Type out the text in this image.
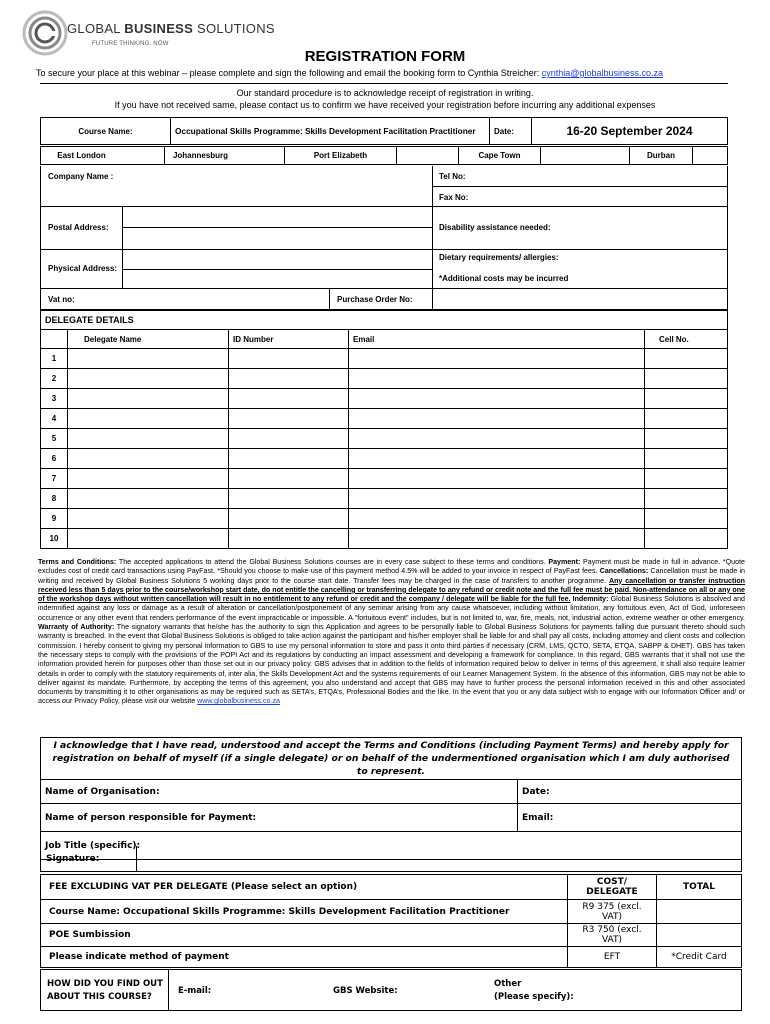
GLOBAL BUSINESS SOLUTIONS
FUTURE THINKING. NOW
REGISTRATION FORM
To secure your place at this webinar – please complete and sign the following and email the booking form to Cynthia Streicher: cynthia@globalbusiness.co.za
Our standard procedure is to acknowledge receipt of registration in writing.
If you have not received same, please contact us to confirm we have received your registration before incurring any additional expenses
Course Name:	Occupational Skills Programme: Skills Development Facilitation Practitioner	Date:	16-20 September 2024
East London		Johannesburg		Port Elizabeth		Cape Town		Durban	
Company Name :	Tel No:
Fax No:
Postal Address:	Disability assistance needed:
Physical Address:
Dietary requirements/ allergies:
*Additional costs may be incurred
Vat no:	Purchase Order No:
DELEGATE DETAILS				
	Delegate Name	ID Number	Email	Cell No.
1				
2				
3				
4				
5				
6				
7				
8				
9				
10				
Terms and Conditions: The accepted applications to attend the Global Business Solutions courses are in every case subject to these terms and conditions. Payment: Payment must be made in full in advance. *Quote excludes cost of credit card transactions using PayFast. *Should you choose to make use of this payment method 4.5% will be added to your invoice in respect of PayFast fees. Cancellations: Cancellation must be made in writing and received by Global Business Solutions 5 working days prior to the course start date. Transfer fees may be charged in the case of transfers to another programme. Any cancellation or transfer instruction received less than 5 days prior to the course/workshop start date, do not entitle the cancelling or transferring delegate to any refund or credit note and the full fee must be paid. Non-attendance on all or any one of the workshop days without written cancellation will result in no entitlement to any refund or credit and the company / delegate will be liable for the full fee. Indemnity: Global Business Solutions is absolved and indemnified against any loss or damage as a result of alteration or cancellation/postponement of any seminar arising from any cause whatsoever, including without limitation, any fortuitous even, Act of God, unforeseen occurrence or any other event that renders performance of the event impracticable or impossible. A "fortuitous event" includes, but is not limited to, war, fire, meals, riot, industrial action, extreme weather or other emergency. Warranty of Authority: The signatory warrants that he/she has the authority to sign this Application and agrees to be personally liable to Global Business Solutions for payments falling due pursuant thereto should such warranty is breached. In the event that Global Business Solutions is obliged to take action against the participant and his/her employer shall be liable for and shall pay all costs, including attorney and client costs and collection commission. I hereby consent to giving my personal information to GBS to use my personal information to store and pass it onto third parties if necessary (CRM, LMS, QCTO, SETA, ETQA, SABPP & DHET). GBS has taken the necessary steps to comply with the provisions of the POPI Act and its regulations by conducting an impact assessment and developing a framework for compliance. In this regard, GBS warrants that it shall not use the information provided herein for purposes other than those set out in our privacy policy. GBS advises that in addition to the fields of information required below to deliver in terms of this agreement, it shall also require learner details in order to comply with the statutory requirements of, inter alia, the Skills Development Act and the systems requirements of our Learner Management System. In the absence of this information, GBS may not be able to deliver against its mandate. Furthermore, by accepting the terms of this agreement, you also understand and accept that GBS may have to further process the personal information received in this and other associated documents by transmitting it to other organisations as may be required such as SETA’s, ETQA’s, Professional Bodies and the like. In the event that you or any data subject wish to engage with our Information Officer and/ or access our Privacy Policy, please visit our website www.globalbusiness.co.za
I acknowledge that I have read, understood and accept the Terms and Conditions (including Payment Terms) and hereby apply for registration on behalf of myself (if a single delegate) or on behalf of the undermentioned organisation which I am duly authorised to represent.	
Name of Organisation:	Date:
Name of person responsible for Payment:	Email:
Job Title (specific):	
Signature:
FEE EXCLUDING VAT PER DELEGATE (Please select an option)	COST/ DELEGATE	TOTAL
Course Name: Occupational Skills Programme: Skills Development Facilitation Practitioner	R9 375 (excl. VAT)	
POE Sumbission	R3 750 (excl. VAT)	
Please indicate method of payment	EFT	*Credit Card
HOW DID YOU FIND OUT
ABOUT THIS COURSE?
E-mail:	GBS Website:
Other
(Please specify):
